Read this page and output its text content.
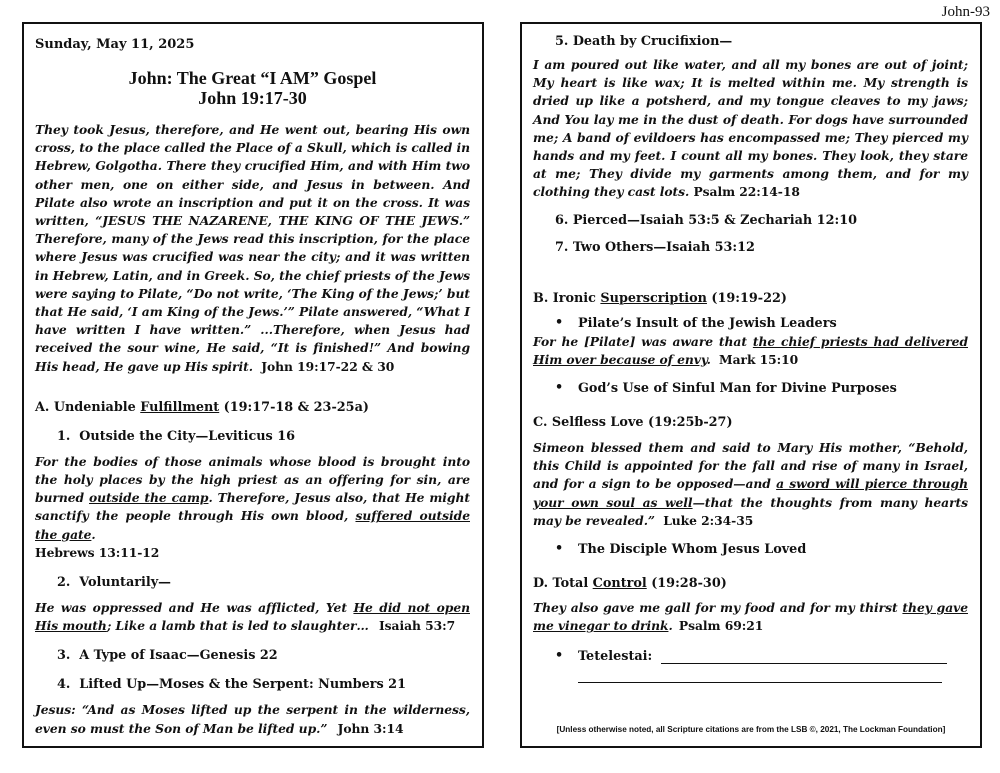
John-93
Sunday, May 11, 2025
John: The Great “I AM” Gospel
John 19:17-30
They took Jesus, therefore, and He went out, bearing His own cross, to the place called the Place of a Skull, which is called in Hebrew, Golgotha. There they crucified Him, and with Him two other men, one on either side, and Jesus in between. And Pilate also wrote an inscription and put it on the cross. It was written, “JESUS THE NAZARENE, THE KING OF THE JEWS.” Therefore, many of the Jews read this inscription, for the place where Jesus was crucified was near the city; and it was written in Hebrew, Latin, and in Greek. So, the chief priests of the Jews were saying to Pilate, “Do not write, ‘The King of the Jews;’ but that He said, ‘I am King of the Jews.’” Pilate answered, “What I have written I have written.” ...Therefore, when Jesus had received the sour wine, He said, “It is finished!” And bowing His head, He gave up His spirit. John 19:17-22 & 30
A. Undeniable Fulfillment (19:17-18 & 23-25a)
1.  Outside the City—Leviticus 16
For the bodies of those animals whose blood is brought into the holy places by the high priest as an offering for sin, are burned outside the camp. Therefore, Jesus also, that He might sanctify the people through His own blood, suffered outside the gate.
Hebrews 13:11-12
2.  Voluntarily—
He was oppressed and He was afflicted, Yet He did not open His mouth; Like a lamb that is led to slaughter… Isaiah 53:7
3.  A Type of Isaac—Genesis 22
4.  Lifted Up—Moses & the Serpent: Numbers 21
Jesus: “And as Moses lifted up the serpent in the wilderness, even so must the Son of Man be lifted up.” John 3:14
5. Death by Crucifixion—
I am poured out like water, and all my bones are out of joint; My heart is like wax; It is melted within me. My strength is dried up like a potsherd, and my tongue cleaves to my jaws; And You lay me in the dust of death. For dogs have surrounded me; A band of evildoers has encompassed me; They pierced my hands and my feet. I count all my bones. They look, they stare at me; They divide my garments among them, and for my clothing they cast lots. Psalm 22:14-18
6. Pierced—Isaiah 53:5 & Zechariah 12:10
7. Two Others—Isaiah 53:12
B. Ironic Superscription (19:19-22)
• Pilate’s Insult of the Jewish Leaders
For he [Pilate] was aware that the chief priests had delivered Him over because of envy. Mark 15:10
• God’s Use of Sinful Man for Divine Purposes
C. Selfless Love (19:25b-27)
Simeon blessed them and said to Mary His mother, “Behold, this Child is appointed for the fall and rise of many in Israel, and for a sign to be opposed—and a sword will pierce through your own soul as well—that the thoughts from many hearts may be revealed.” Luke 2:34-35
• The Disciple Whom Jesus Loved
D. Total Control (19:28-30)
They also gave me gall for my food and for my thirst they gave me vinegar to drink. Psalm 69:21
• Tetelestai:
[Unless otherwise noted, all Scripture citations are from the LSB ©, 2021, The Lockman Foundation]
